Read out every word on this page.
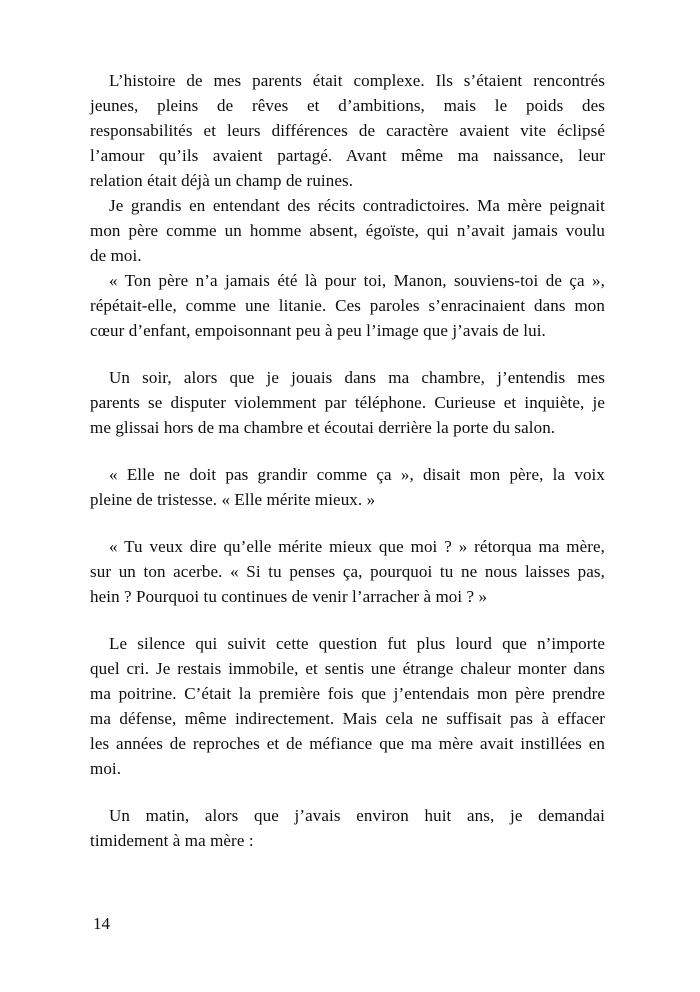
L’histoire de mes parents était complexe. Ils s’étaient rencontrés
jeunes, pleins de rêves et d’ambitions, mais le poids des
responsabilités et leurs différences de caractère avaient vite éclipsé
l’amour qu’ils avaient partagé. Avant même ma naissance, leur
relation était déjà un champ de ruines.

Je grandis en entendant des récits contradictoires. Ma mère peignait
mon père comme un homme absent, égoïste, qui n’avait jamais voulu
de moi.

« Ton père n’a jamais été là pour toi, Manon, souviens-toi de ça »,
répétait-elle, comme une litanie. Ces paroles s’enracinaient dans mon
cœur d’enfant, empoisonnant peu à peu l’image que j’avais de lui.

Un soir, alors que je jouais dans ma chambre, j’entendis mes
parents se disputer violemment par téléphone. Curieuse et inquiète, je
me glissai hors de ma chambre et écoutai derrière la porte du salon.

« Elle ne doit pas grandir comme ça », disait mon père, la voix
pleine de tristesse. « Elle mérite mieux. »

« Tu veux dire qu’elle mérite mieux que moi ? » rétorqua ma mère,
sur un ton acerbe. « Si tu penses ça, pourquoi tu ne nous laisses pas,
hein ? Pourquoi tu continues de venir l’arracher à moi ? »

Le silence qui suivit cette question fut plus lourd que n’importe
quel cri. Je restais immobile, et sentis une étrange chaleur monter dans
ma poitrine. C’était la première fois que j’entendais mon père prendre
ma défense, même indirectement. Mais cela ne suffisait pas à effacer
les années de reproches et de méfiance que ma mère avait instillées en
moi.

Un matin, alors que j’avais environ huit ans, je demandai
timidement à ma mère :

14
